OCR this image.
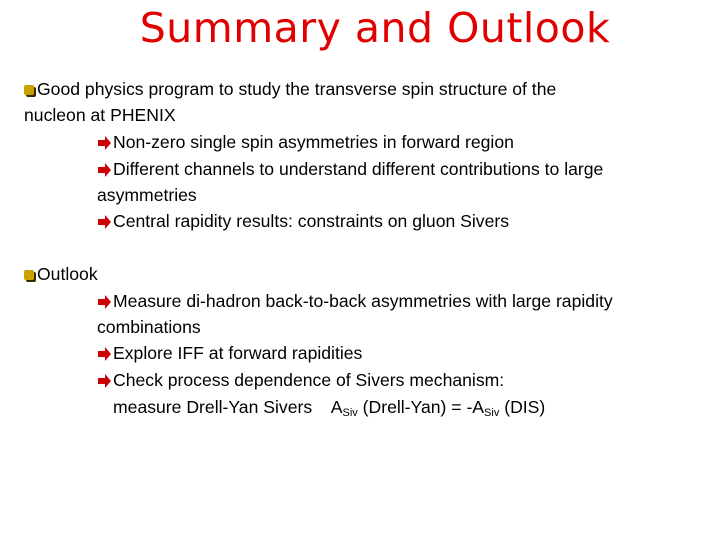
Summary and Outlook
Good physics program to study the transverse spin structure of the
nucleon at PHENIX
Non-zero single spin asymmetries in forward region
Different channels to understand different contributions to large
asymmetries
Central rapidity results: constraints on gluon Sivers
Outlook
Measure di-hadron back-to-back asymmetries with large rapidity
combinations
Explore IFF at forward rapidities
Check process dependence of Sivers mechanism:
measure Drell-Yan Sivers $A_{Siv}$ (Drell-Yan) = $-A_{Siv}$ (DIS)
